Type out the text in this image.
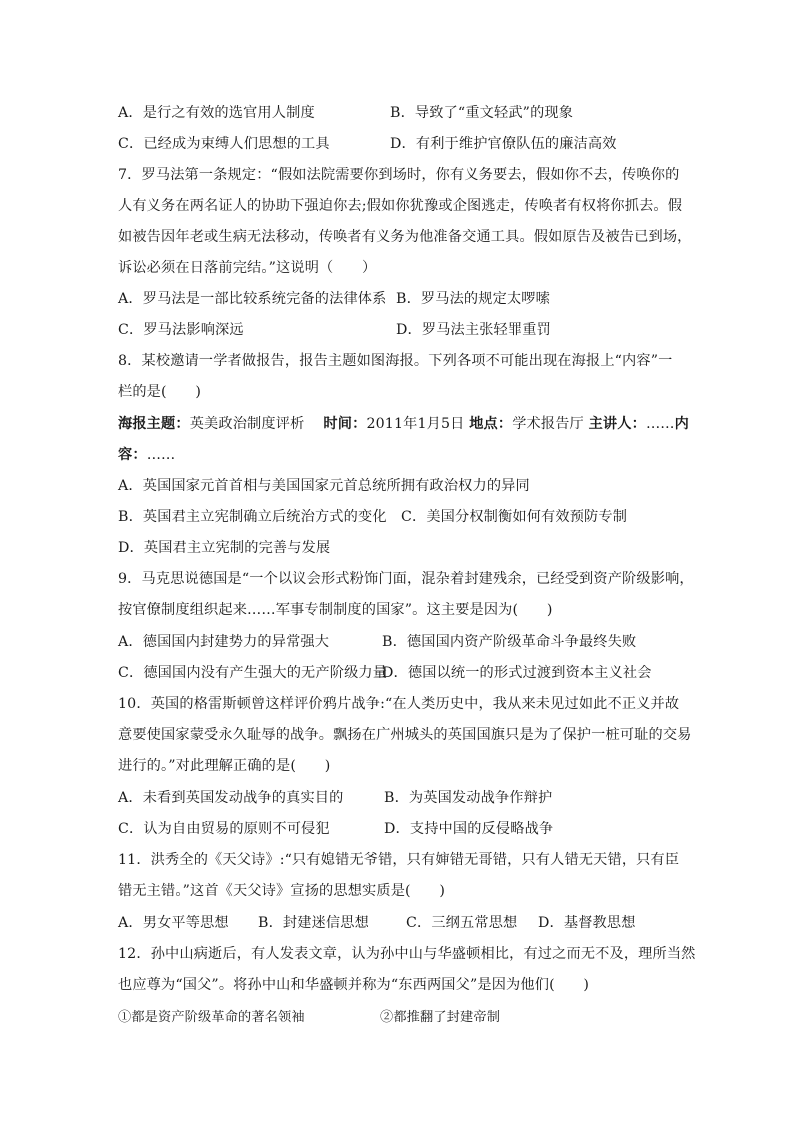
A．是行之有效的选官用人制度	B．导致了“重文轻武”的现象
C．已经成为束缚人们思想的工具	D．有利于维护官僚队伍的廉洁高效
7．罗马法第一条规定：“假如法院需要你到场时，你有义务要去，假如你不去，传唤你的
人有义务在两名证人的协助下强迫你去;假如你犹豫或企图逃走，传唤者有权将你抓去。假
如被告因年老或生病无法移动，传唤者有义务为他准备交通工具。假如原告及被告已到场，
诉讼必须在日落前完结。”这说明（　　）
A．罗马法是一部比较系统完备的法律体系 B．罗马法的规定太啰嗦
C．罗马法影响深远	D．罗马法主张轻罪重罚
8．某校邀请一学者做报告，报告主题如图海报。下列各项不可能出现在海报上“内容”一
栏的是(　　)
海报主题：英美政治制度评析　 时间：2011年1月5日 地点：学术报告厅 主讲人：……内
容：……
A．英国国家元首首相与美国国家元首总统所拥有政治权力的异同
B．英国君主立宪制确立后统治方式的变化　C．美国分权制衡如何有效预防专制
D．英国君主立宪制的完善与发展
9．马克思说德国是“一个以议会形式粉饰门面，混杂着封建残余，已经受到资产阶级影响，
按官僚制度组织起来……军事专制制度的国家”。这主要是因为(　　)
A．德国国内封建势力的异常强大	B．德国国内资产阶级革命斗争最终失败
C．德国国内没有产生强大的无产阶级力量
D．德国以统一的形式过渡到资本主义社会
10．英国的格雷斯顿曾这样评价鸦片战争:“在人类历史中，我从来未见过如此不正义并故
意要使国家蒙受永久耻辱的战争。飘扬在广州城头的英国国旗只是为了保护一桩可耻的交易
进行的。”对此理解正确的是(　　)
A．未看到英国发动战争的真实目的	B．为英国发动战争作辩护
C．认为自由贸易的原则不可侵犯	D．支持中国的反侵略战争
11．洪秀全的《天父诗》:“只有媳错无爷错，只有婶错无哥错，只有人错无天错，只有臣
错无主错。”这首《天父诗》宣扬的思想实质是(　　)
A．男女平等思想 B．封建迷信思想	C．三纲五常思想 D．基督教思想
12．孙中山病逝后，有人发表文章，认为孙中山与华盛顿相比，有过之而无不及，理所当然
也应尊为“国父”。将孙中山和华盛顿并称为“东西两国父”是因为他们(　　)
①都是资产阶级革命的著名领袖	②都推翻了封建帝制
